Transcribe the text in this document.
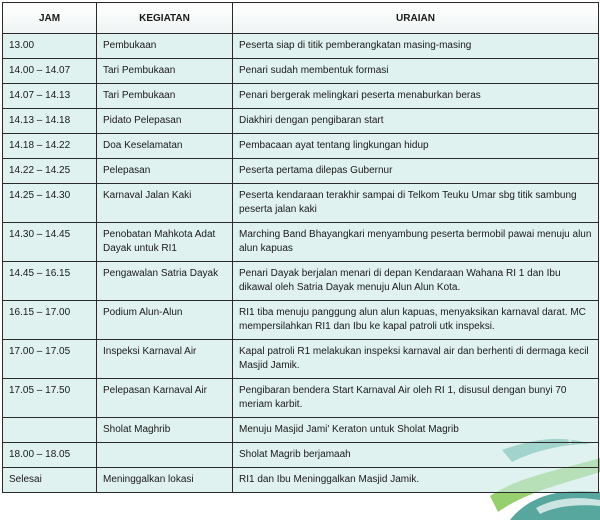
JAM	KEGIATAN	URAIAN
13.00	Pembukaan	Peserta siap di titik pemberangkatan masing-masing
14.00 – 14.07	Tari Pembukaan	Penari sudah membentuk formasi
14.07 – 14.13	Tari Pembukaan	Penari bergerak melingkari peserta menaburkan beras
14.13 – 14.18	Pidato Pelepasan	Diakhiri dengan pengibaran start
14.18 – 14.22	Doa Keselamatan	Pembacaan ayat tentang lingkungan hidup
14.22 – 14.25	Pelepasan	Peserta pertama dilepas Gubernur
14.25 – 14.30	Karnaval Jalan Kaki	Peserta kendaraan terakhir sampai di Telkom Teuku Umar sbg titik sambung peserta jalan kaki
14.30 – 14.45	Penobatan Mahkota Adat Dayak untuk RI1	Marching Band Bhayangkari menyambung peserta bermobil pawai menuju alun alun kapuas
14.45 – 16.15	Pengawalan Satria Dayak	Penari Dayak berjalan menari di depan Kendaraan Wahana RI 1 dan Ibu dikawal oleh Satria Dayak menuju Alun Alun Kota.
16.15 – 17.00	Podium Alun-Alun	RI1 tiba menuju panggung alun alun kapuas, menyaksikan karnaval darat. MC mempersilahkan RI1 dan Ibu ke kapal patroli utk inspeksi.
17.00 – 17.05	Inspeksi Karnaval Air	Kapal patroli R1 melakukan inspeksi karnaval air dan berhenti di dermaga kecil Masjid Jamik.
17.05 – 17.50	Pelepasan Karnaval Air	Pengibaran bendera Start Karnaval Air oleh RI 1, disusul dengan bunyi 70 meriam karbit.
	Sholat Maghrib	Menuju Masjid Jami' Keraton untuk Sholat Magrib
18.00 – 18.05		Sholat Magrib berjamaah
Selesai	Meninggalkan lokasi	RI1 dan Ibu Meninggalkan Masjid Jamik.
